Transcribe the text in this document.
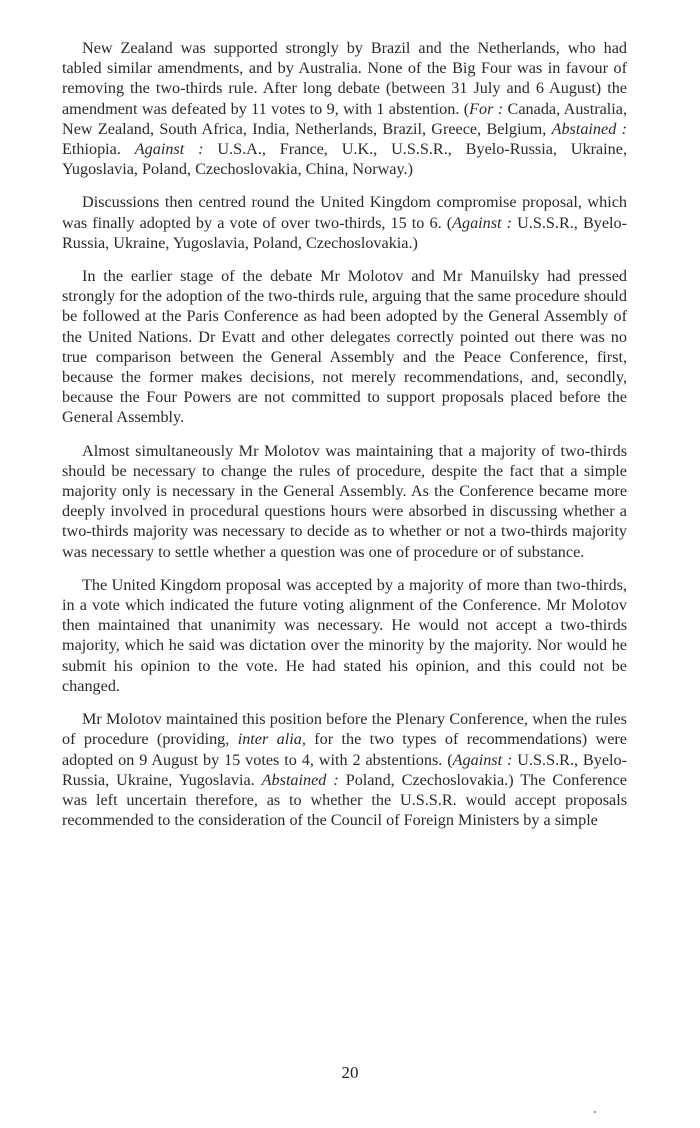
New Zealand was supported strongly by Brazil and the Netherlands, who had tabled similar amendments, and by Australia. None of the Big Four was in favour of removing the two-thirds rule. After long debate (between 31 July and 6 August) the amendment was defeated by 11 votes to 9, with 1 abstention. (For : Canada, Australia, New Zealand, South Africa, India, Netherlands, Brazil, Greece, Belgium, Abstained : Ethiopia. Against : U.S.A., France, U.K., U.S.S.R., Byelo-Russia, Ukraine, Yugoslavia, Poland, Czechoslovakia, China, Norway.)

Discussions then centred round the United Kingdom compromise proposal, which was finally adopted by a vote of over two-thirds, 15 to 6. (Against : U.S.S.R., Byelo-Russia, Ukraine, Yugoslavia, Poland, Czechoslovakia.)

In the earlier stage of the debate Mr Molotov and Mr Manuilsky had pressed strongly for the adoption of the two-thirds rule, arguing that the same procedure should be followed at the Paris Conference as had been adopted by the General Assembly of the United Nations. Dr Evatt and other delegates correctly pointed out there was no true comparison between the General Assembly and the Peace Conference, first, because the former makes decisions, not merely recommendations, and, secondly, because the Four Powers are not committed to support proposals placed before the General Assembly.

Almost simultaneously Mr Molotov was maintaining that a majority of two-thirds should be necessary to change the rules of procedure, despite the fact that a simple majority only is necessary in the General Assembly. As the Conference became more deeply involved in procedural questions hours were absorbed in discussing whether a two-thirds majority was necessary to decide as to whether or not a two-thirds majority was necessary to settle whether a question was one of procedure or of substance.

The United Kingdom proposal was accepted by a majority of more than two-thirds, in a vote which indicated the future voting alignment of the Conference. Mr Molotov then maintained that unanimity was necessary. He would not accept a two-thirds majority, which he said was dictation over the minority by the majority. Nor would he submit his opinion to the vote. He had stated his opinion, and this could not be changed.

Mr Molotov maintained this position before the Plenary Conference, when the rules of procedure (providing, inter alia, for the two types of recommendations) were adopted on 9 August by 15 votes to 4, with 2 abstentions. (Against : U.S.S.R., Byelo-Russia, Ukraine, Yugoslavia. Abstained : Poland, Czechoslovakia.) The Conference was left uncertain therefore, as to whether the U.S.S.R. would accept proposals recommended to the consideration of the Council of Foreign Ministers by a simple

20
